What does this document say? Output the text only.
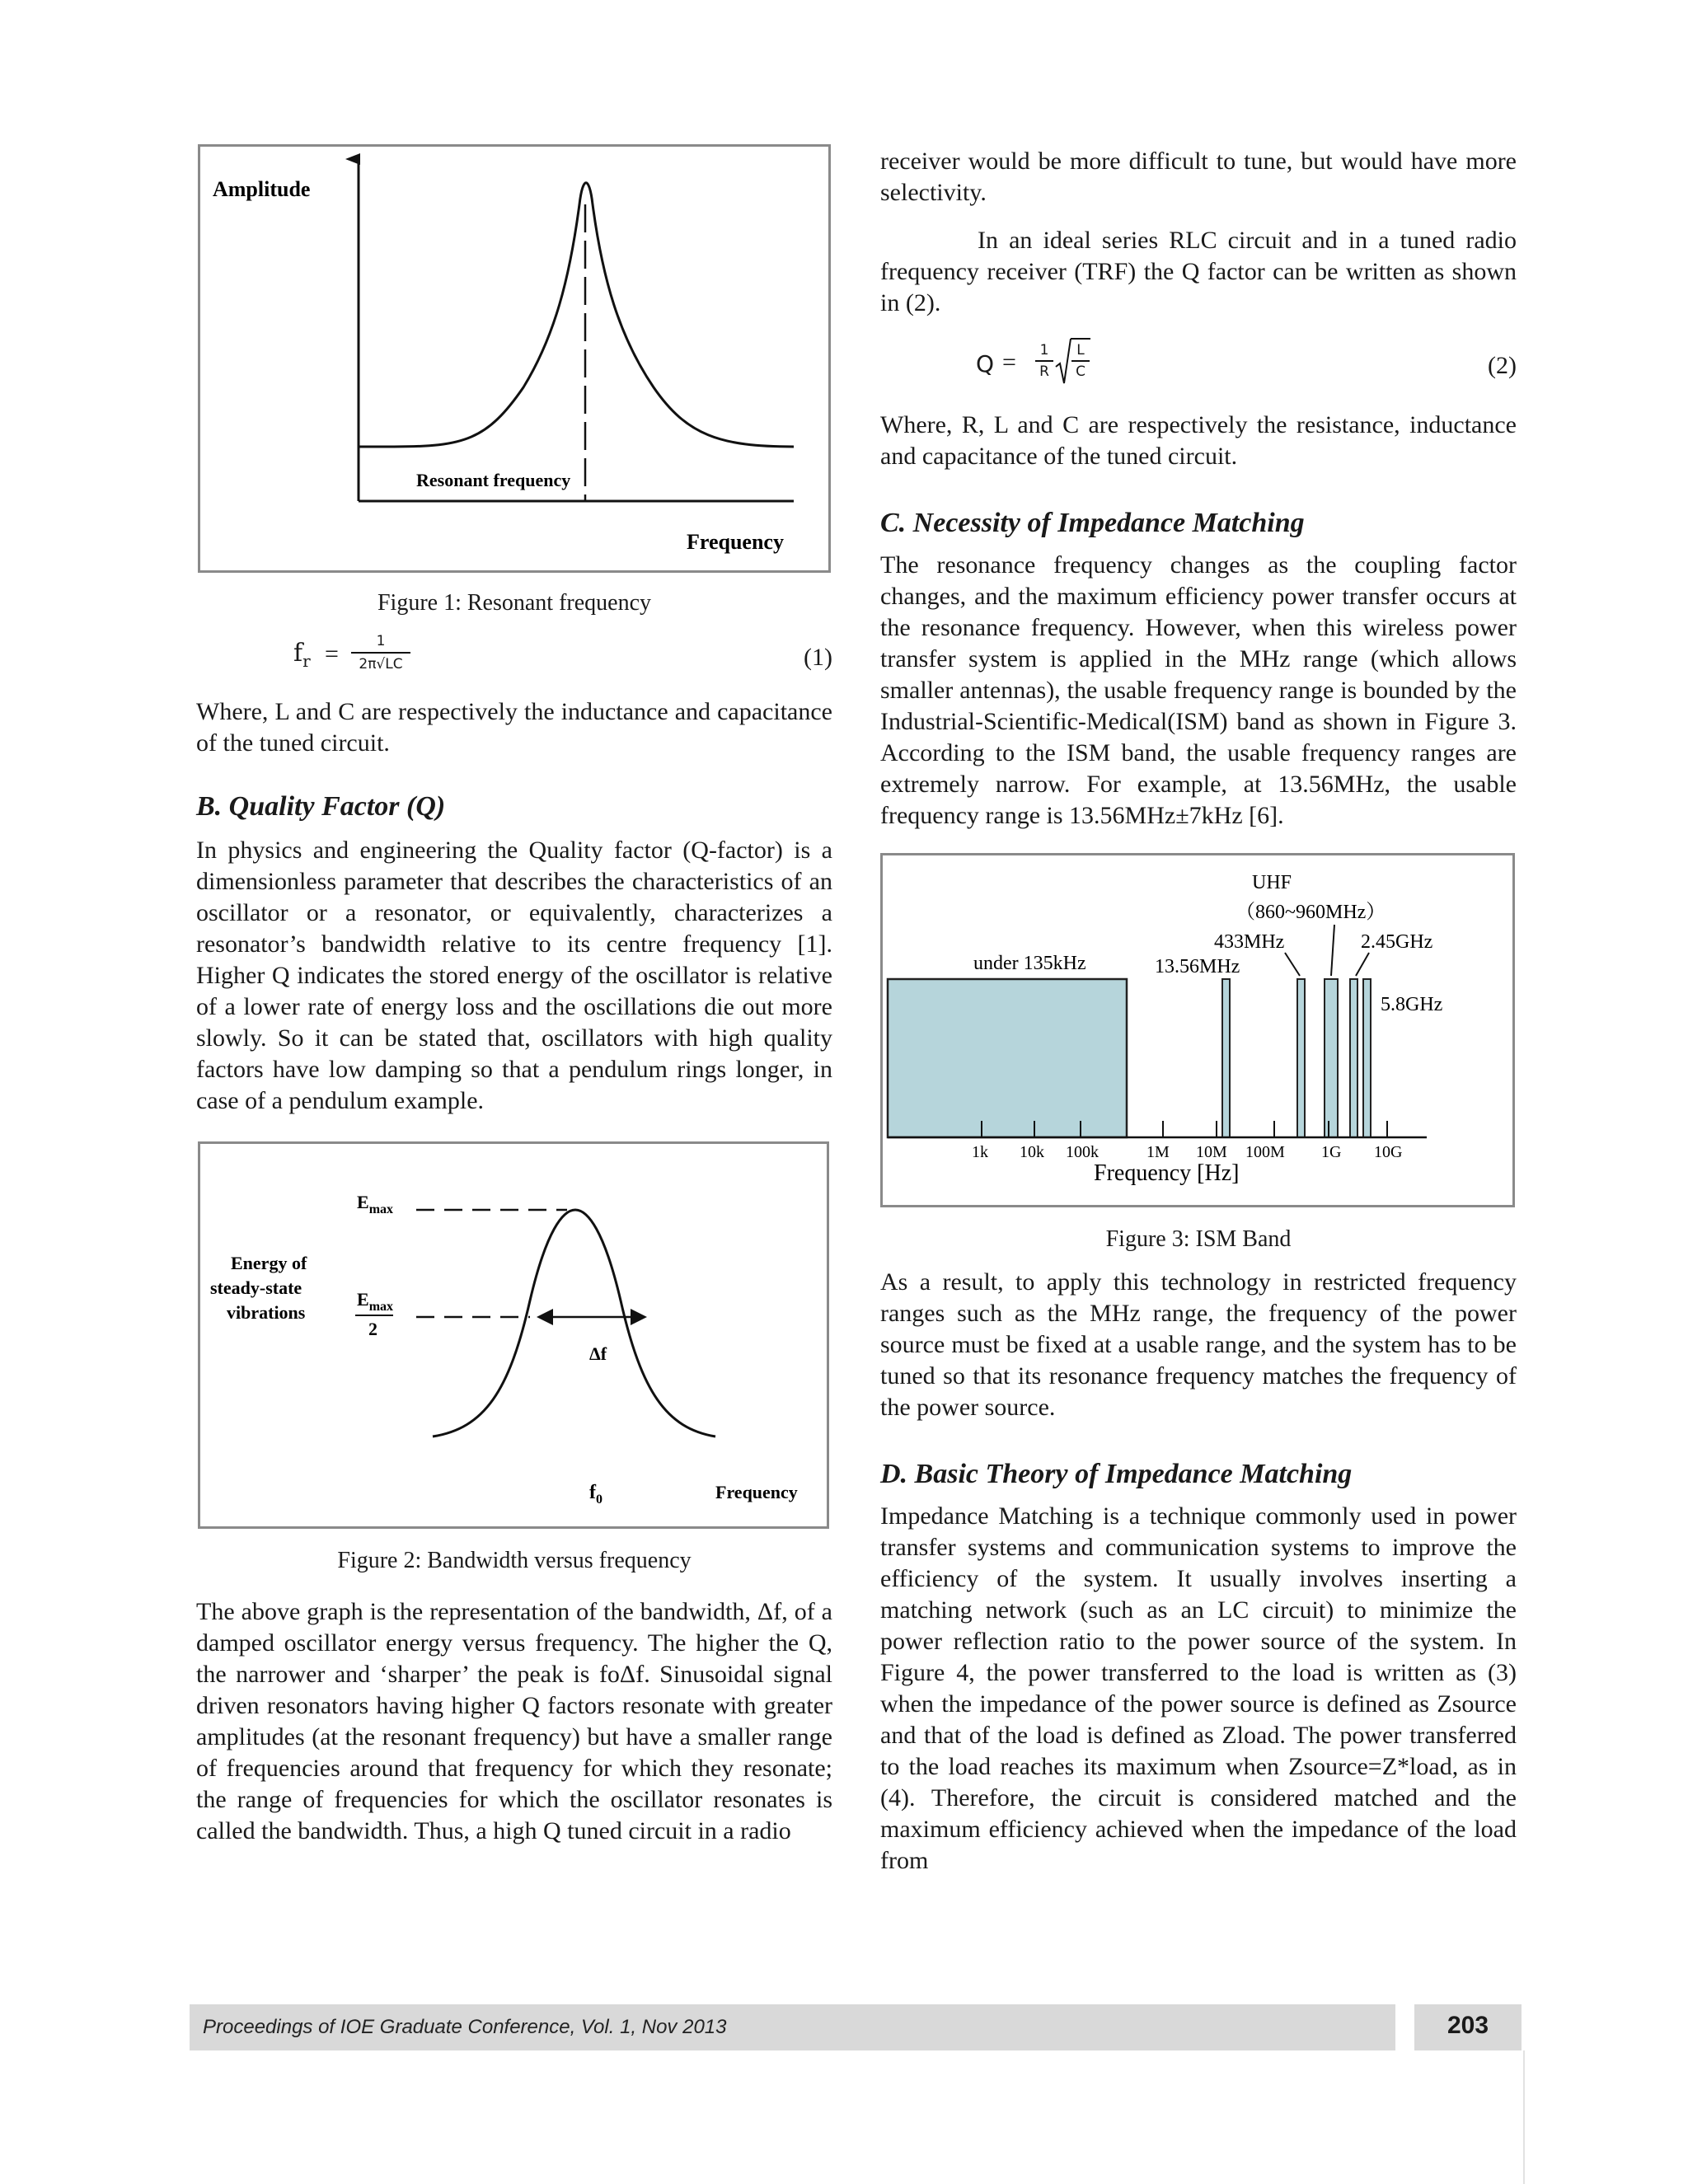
Amplitude
Resonant frequency
Frequency
Figure 1: Resonant frequency
$f_r$ =	1
2π√LC	(1)

Where, L and C are respectively the inductance and capacitance of the tuned circuit.

B. Quality Factor (Q)

In physics and engineering the Quality factor (Q-factor) is a dimensionless parameter that describes the characteristics of an oscillator or a resonator, or equivalently, characterizes a resonator’s bandwidth relative to its centre frequency [1]. Higher Q indicates the stored energy of the oscillator is relative of a lower rate of energy loss and the oscillations die out more slowly. So it can be stated that, oscillators with high quality factors have low damping so that a pendulum rings longer, in case of a pendulum example.

Energy of
steady-state
vibrations
$E_{max}$
$E_{max}$
2
Δf
$f_0$	Frequency
Figure 2: Bandwidth versus frequency

The above graph is the representation of the bandwidth, Δf, of a damped oscillator energy versus frequency. The higher the Q, the narrower and ‘sharper’ the peak is foΔf. Sinusoidal signal driven resonators having higher Q factors resonate with greater amplitudes (at the resonant frequency) but have a smaller range of frequencies around that frequency for which they resonate; the range of frequencies for which the oscillator resonates is called the bandwidth. Thus, a high Q tuned circuit in a radio

receiver would be more difficult to tune, but would have more selectivity.

In an ideal series RLC circuit and in a tuned radio frequency receiver (TRF) the Q factor can be written as shown in (2).

Q =	1
R
L
C	(2)

Where, R, L and C are respectively the resistance, inductance and capacitance of the tuned circuit.

C. Necessity of Impedance Matching

The resonance frequency changes as the coupling factor changes, and the maximum efficiency power transfer occurs at the resonance frequency. However, when this wireless power transfer system is applied in the MHz range (which allows smaller antennas), the usable frequency range is bounded by the Industrial-Scientific-Medical(ISM) band as shown in Figure 3. According to the ISM band, the usable frequency ranges are extremely narrow. For example, at 13.56MHz, the usable frequency range is 13.56MHz±7kHz [6].

1k 10k 100k	1M 10M 100M 1G 10G
Frequency [Hz]
UHF
（860~960MHz）
under 135kHz	13.56MHz
433MHz	2.45GHz
5.8GHz
Figure 3: ISM Band

As a result, to apply this technology in restricted frequency ranges such as the MHz range, the frequency of the power source must be fixed at a usable range, and the system has to be tuned so that its resonance frequency matches the frequency of the power source.

D. Basic Theory of Impedance Matching

Impedance Matching is a technique commonly used in power transfer systems and communication systems to improve the efficiency of the system. It usually involves inserting a matching network (such as an LC circuit) to minimize the power reflection ratio to the power source of the system. In Figure 4, the power transferred to the load is written as (3) when the impedance of the power source is defined as Zsource and that of the load is defined as Zload. The power transferred to the load reaches its maximum when Zsource=Z*load, as in (4). Therefore, the circuit is considered matched and the maximum efficiency achieved when the impedance of the load from

Proceedings of IOE Graduate Conference, Vol. 1, Nov 2013	203
